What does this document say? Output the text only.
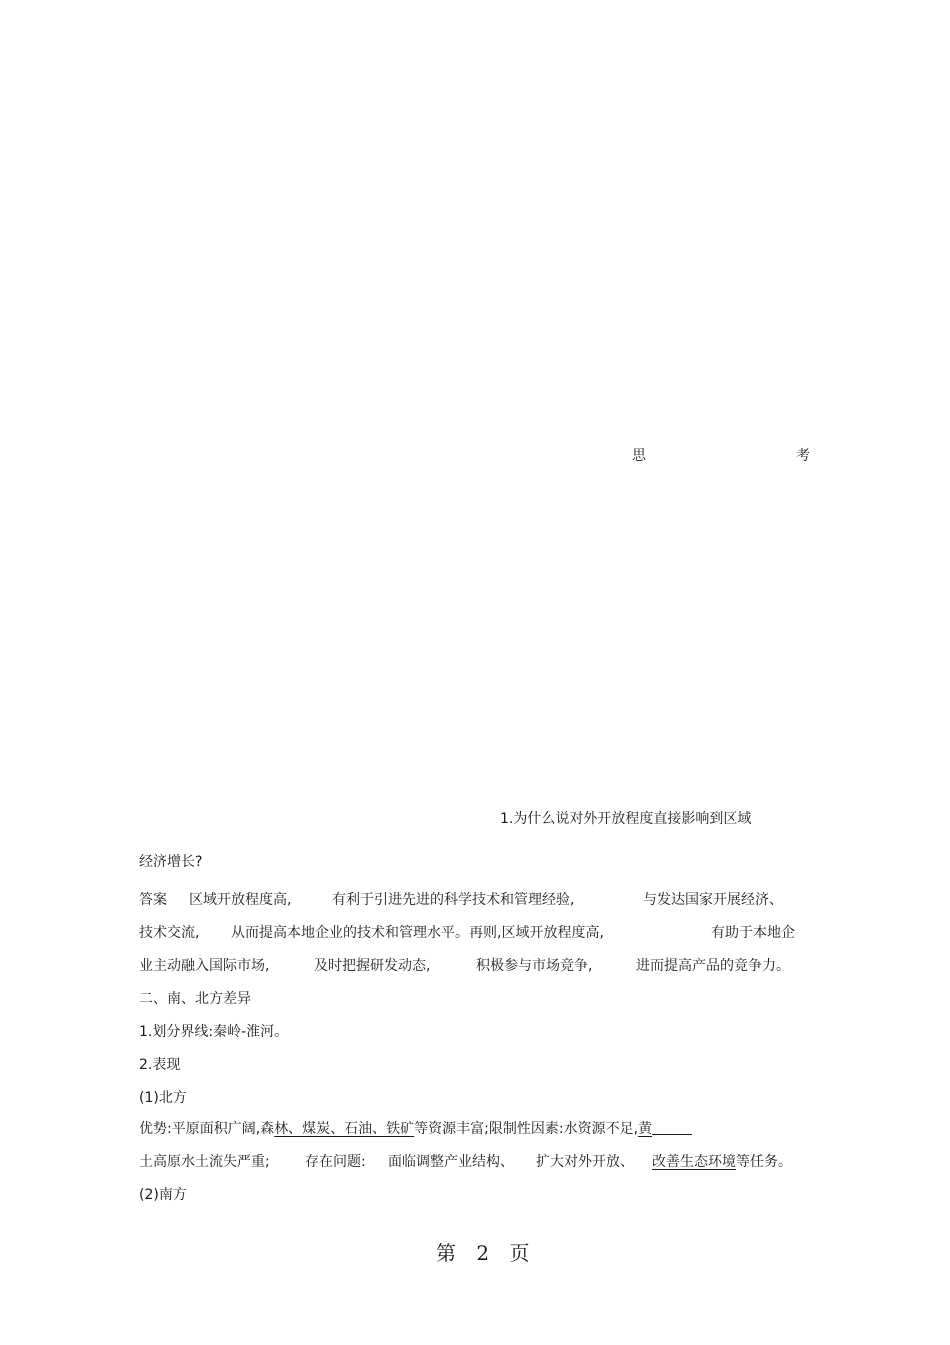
思	考
1.为什么说对外开放程度直接影响到区域
经济增长?
答案 区域开放程度高,	有利于引进先进的科学技术和管理经验,	与发达国家开展经济、
技术交流, 从而提高本地企业的技术和管理水平。再则,区域开放程度高,	有助于本地企
业主动融入国际市场,	及时把握研发动态,	积极参与市场竞争,	进而提高产品的竞争力。
二、南、北方差异
1.划分界线:秦岭-淮河。
2.表现
(1)北方
优势:平原面积广阔,森林、煤炭、石油、铁矿等资源丰富;限制性因素:水资源不足,黄
土高原水土流失严重;	存在问题: 面临调整产业结构、 扩大对外开放、 改善生态环境等任务。
(2)南方
第 2 页
